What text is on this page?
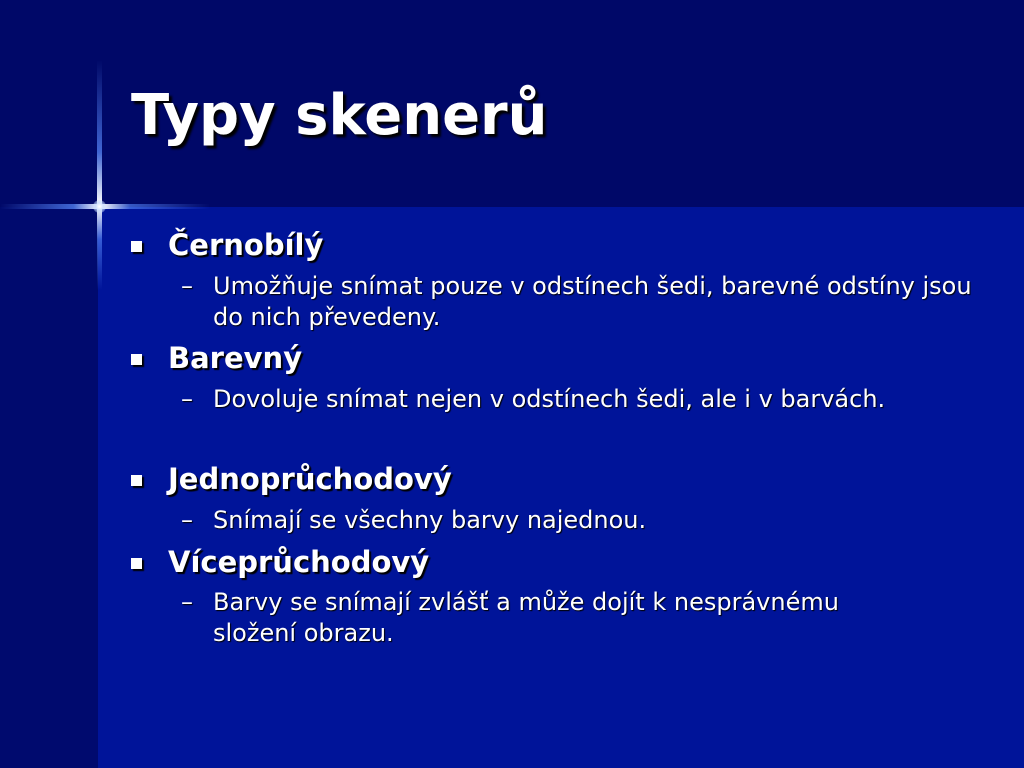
Typy skenerů
Černobílý
– Umožňuje snímat pouze v odstínech šedi, barevné odstíny jsou do nich převedeny.
Barevný
– Dovoluje snímat nejen v odstínech šedi, ale i v barvách.
Jednoprůchodový
– Snímají se všechny barvy najednou.
Víceprůchodový
– Barvy se snímají zvlášť a může dojít k nesprávnému složení obrazu.
